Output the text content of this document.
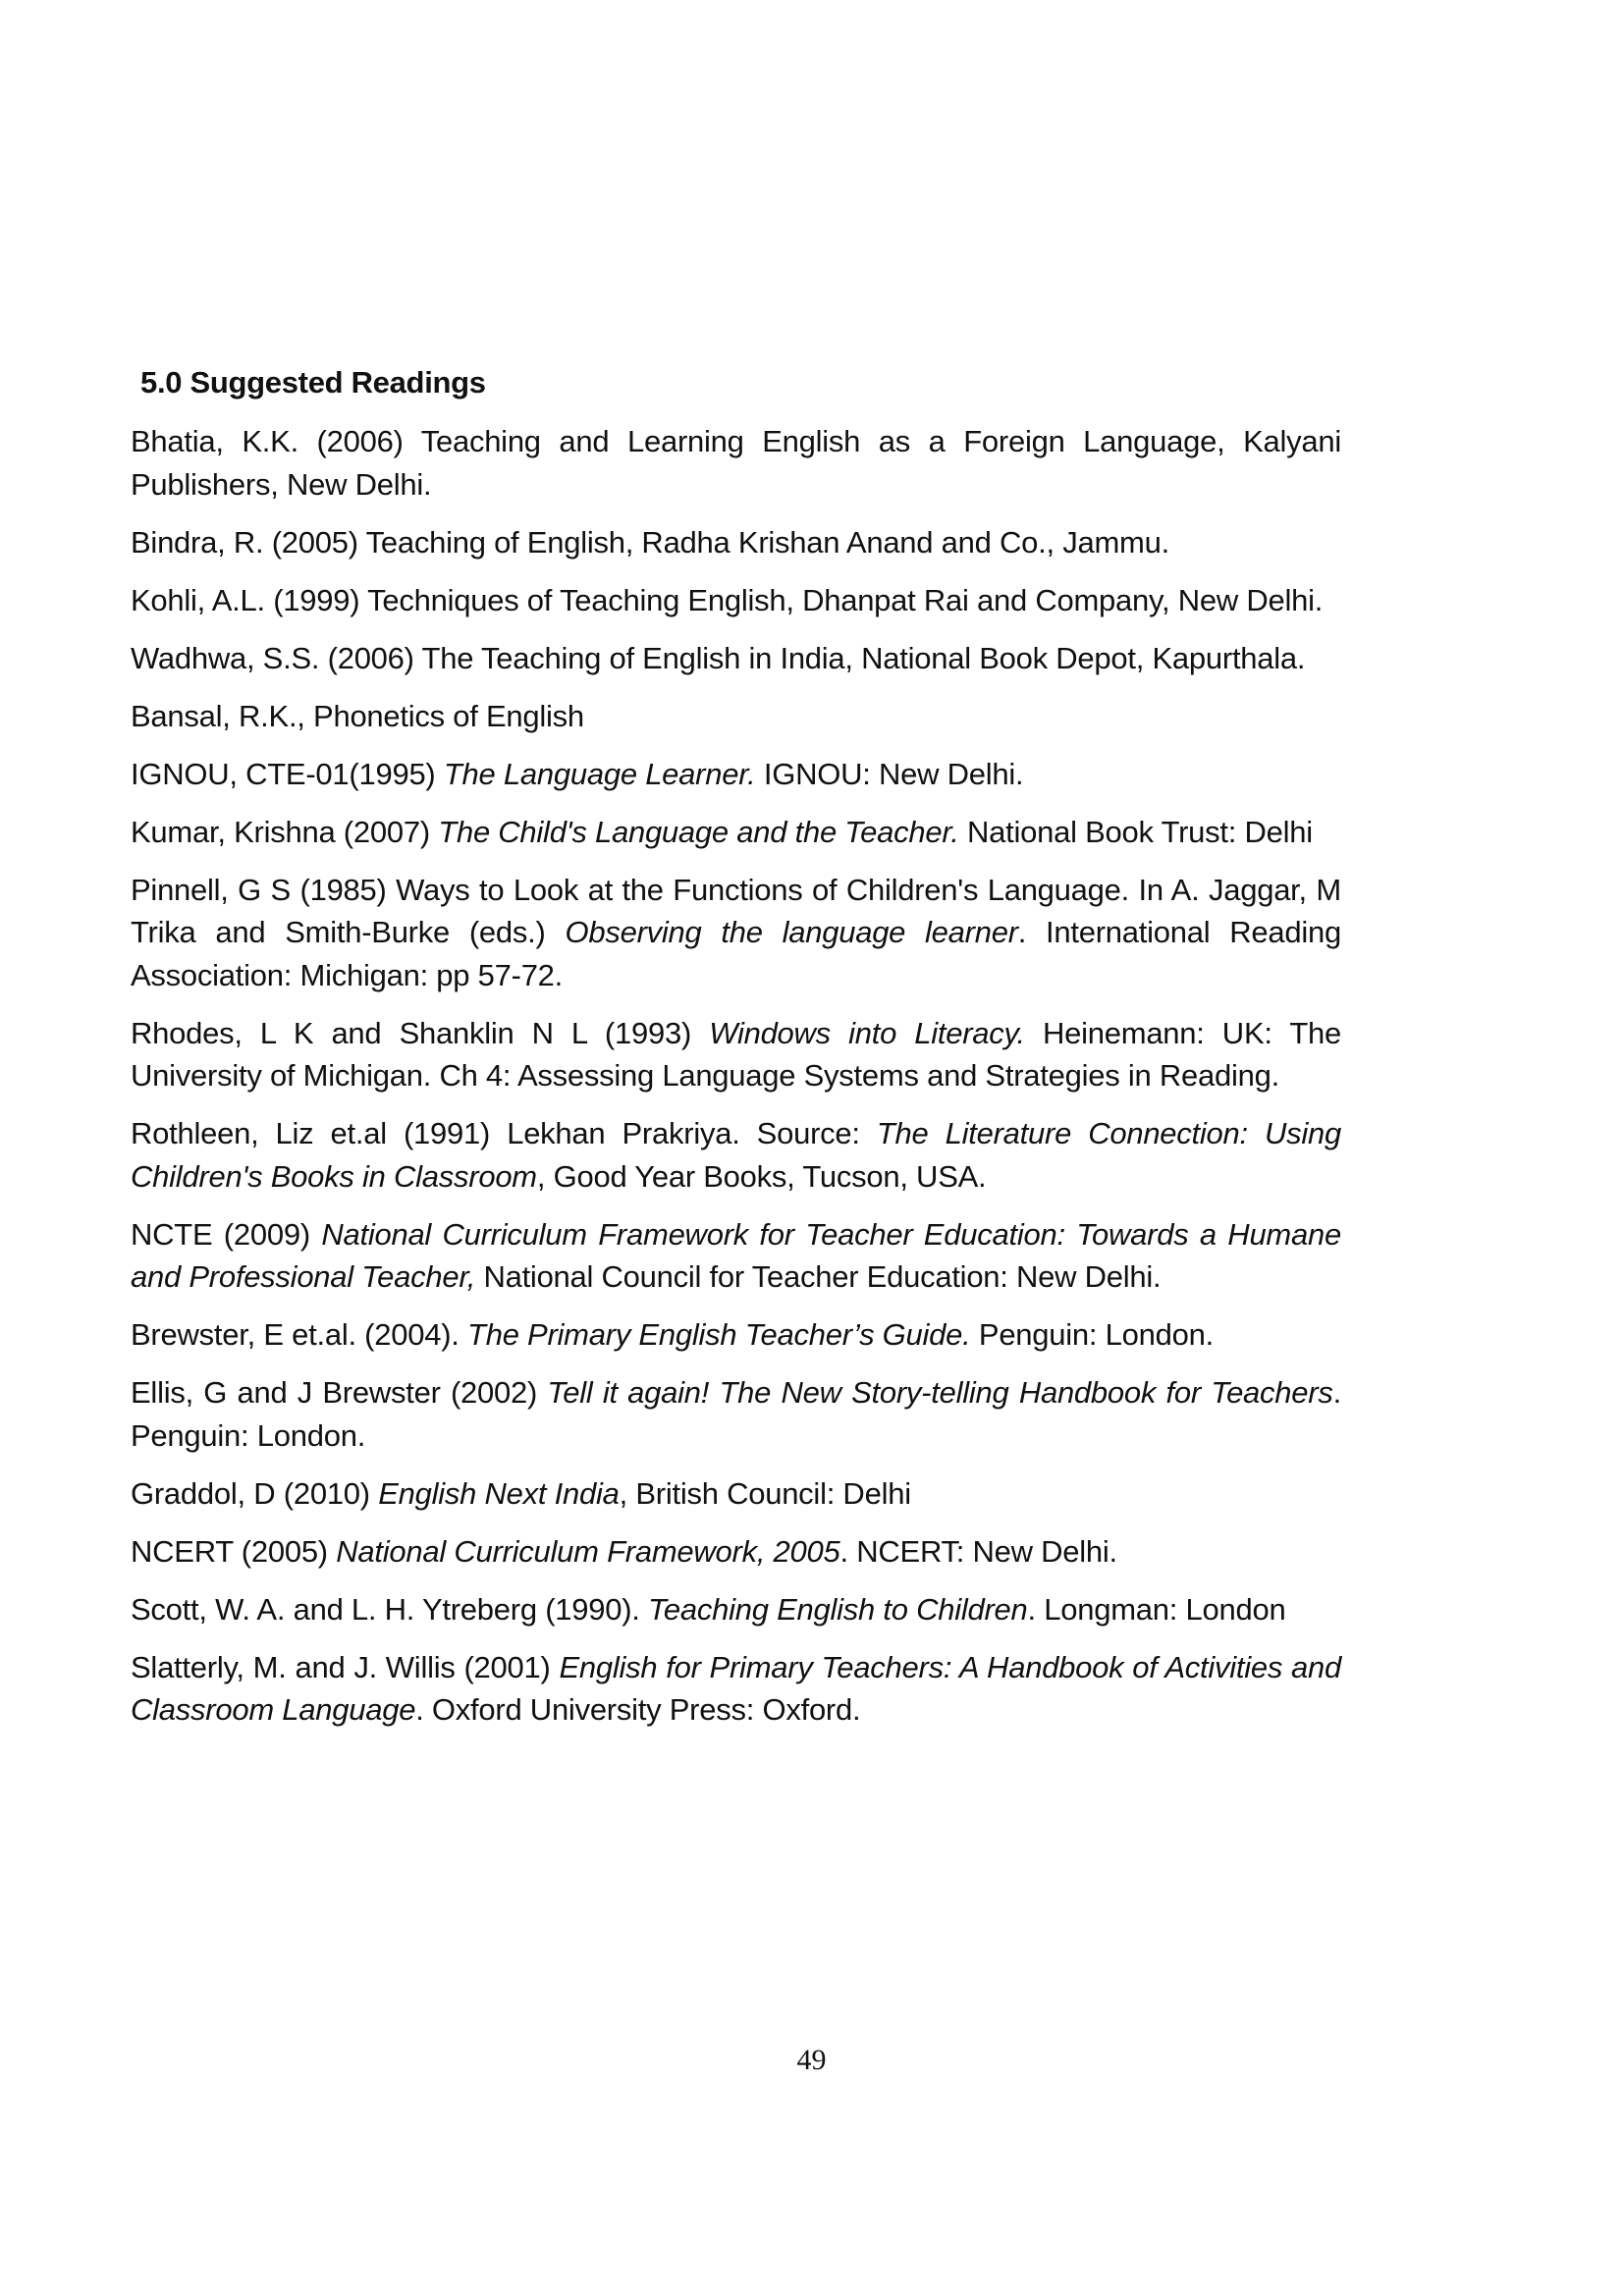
5.0 Suggested Readings

Bhatia, K.K. (2006) Teaching and Learning English as a Foreign Language, Kalyani Publishers, New Delhi.

Bindra, R. (2005) Teaching of English, Radha Krishan Anand and Co., Jammu.

Kohli, A.L. (1999) Techniques of Teaching English, Dhanpat Rai and Company, New Delhi.

Wadhwa, S.S. (2006) The Teaching of English in India, National Book Depot, Kapurthala.

Bansal, R.K., Phonetics of English

IGNOU, CTE-01(1995) The Language Learner. IGNOU: New Delhi.

Kumar, Krishna (2007) The Child's Language and the Teacher. National Book Trust: Delhi

Pinnell, G S (1985) Ways to Look at the Functions of Children's Language. In A. Jaggar, M Trika and Smith-Burke (eds.) Observing the language learner. International Reading Association: Michigan: pp 57-72.

Rhodes, L K and Shanklin N L (1993) Windows into Literacy. Heinemann: UK: The University of Michigan. Ch 4: Assessing Language Systems and Strategies in Reading.

Rothleen, Liz et.al (1991) Lekhan Prakriya. Source: The Literature Connection: Using Children's Books in Classroom, Good Year Books, Tucson, USA.

NCTE (2009) National Curriculum Framework for Teacher Education: Towards a Humane and Professional Teacher, National Council for Teacher Education: New Delhi.

Brewster, E et.al. (2004). The Primary English Teacher’s Guide. Penguin: London.

Ellis, G and J Brewster (2002) Tell it again! The New Story-telling Handbook for Teachers. Penguin: London.

Graddol, D (2010) English Next India, British Council: Delhi

NCERT (2005) National Curriculum Framework, 2005. NCERT: New Delhi.

Scott, W. A. and L. H. Ytreberg (1990). Teaching English to Children. Longman: London

Slatterly, M. and J. Willis (2001) English for Primary Teachers: A Handbook of Activities and Classroom Language. Oxford University Press: Oxford.

49
